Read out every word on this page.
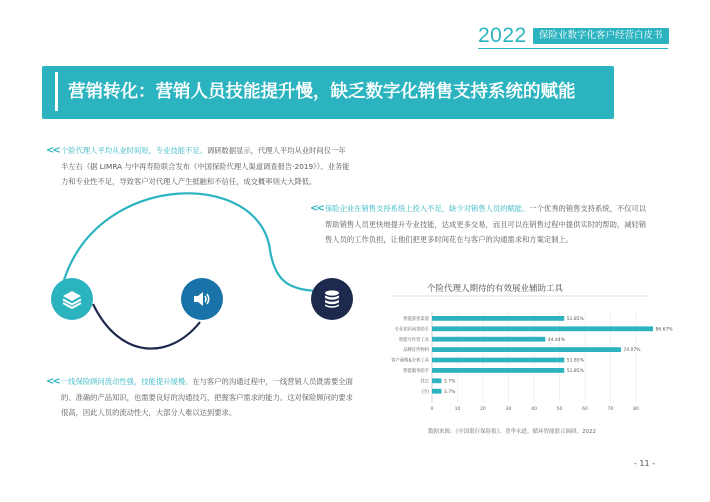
2022	保险业数字化客户经营白皮书
营销转化：营销人员技能提升慢，缺乏数字化销售支持系统的赋能
<< 个险代理人平均从业时间短，专业技能不足。调研数据显示，代理人平均从业时间仅一年半左右（据 LIMRA 与中再寿险联合发布《中国保险代理人渠道调查报告·2019》）。业务能力和专业性不足，导致客户对代理人产生抵触和不信任，成交概率则大大降低。
<< 保险企业在销售支持系统上投入不足，缺少对销售人员的赋能。一个优秀的销售支持系统，不仅可以帮助销售人员更快地提升专业技能，达成更多交易，而且可以在销售过程中提供实时的帮助，减轻销售人员的工作负担，让他们把更多时间花在与客户的沟通需求和方案定制上。
<< 一线保险顾问流动性强，技能提升缓慢。在与客户的沟通过程中，一线营销人员既需要全面的、准确的产品知识，也需要良好的沟通技巧，把握客户需求的能力。这对保险顾问的要求很高，因此人员的流动性大，大部分人难以达到要求。
个险代理人期待的有效展业辅助工具
0	10	20	30	40	50	60	70	80
智能获客渠道	51.85%
专业知识问答助手	86.67%
智能写作营工具	44.44%
品牌宣传物料	74.07%
客户画像&分析工具	51.85%
智能服务助手	51.85%
其它	3.7%
(空)	3.7%
数据来源：《中国银行保险报》、普华永道、循环智能联合调研，2022
- 11 -
